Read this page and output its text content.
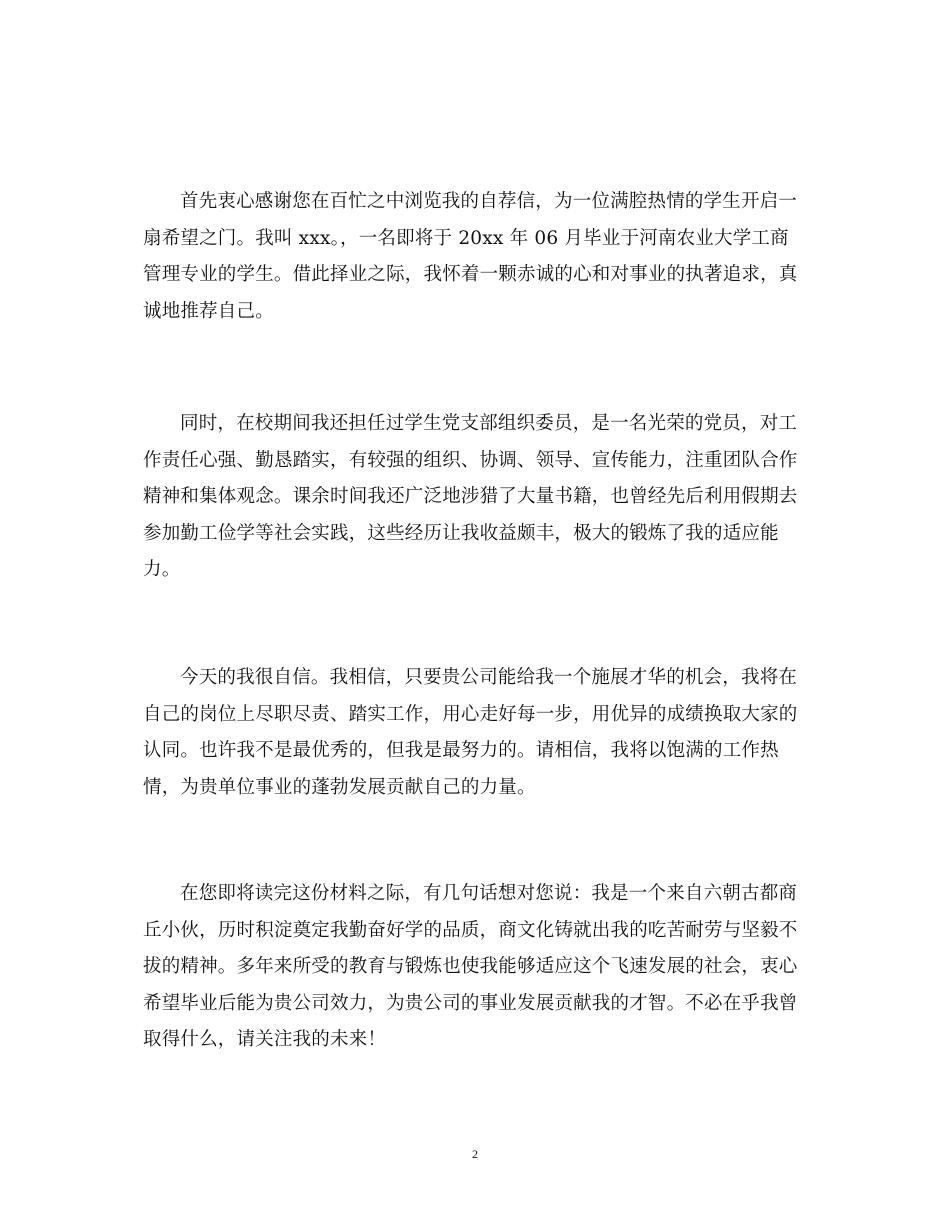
首先衷心感谢您在百忙之中浏览我的自荐信，为一位满腔热情的学生开启一扇希望之门。我叫 xxx。，一名即将于 20xx 年 06 月毕业于河南农业大学工商管理专业的学生。借此择业之际，我怀着一颗赤诚的心和对事业的执著追求，真诚地推荐自己。

同时，在校期间我还担任过学生党支部组织委员，是一名光荣的党员，对工作责任心强、勤恳踏实，有较强的组织、协调、领导、宣传能力，注重团队合作精神和集体观念。课余时间我还广泛地涉猎了大量书籍，也曾经先后利用假期去参加勤工俭学等社会实践，这些经历让我收益颇丰，极大的锻炼了我的适应能力。

今天的我很自信。我相信，只要贵公司能给我一个施展才华的机会，我将在自己的岗位上尽职尽责、踏实工作，用心走好每一步，用优异的成绩换取大家的认同。也许我不是最优秀的，但我是最努力的。请相信，我将以饱满的工作热情，为贵单位事业的蓬勃发展贡献自己的力量。

在您即将读完这份材料之际，有几句话想对您说：我是一个来自六朝古都商丘小伙，历时积淀奠定我勤奋好学的品质，商文化铸就出我的吃苦耐劳与坚毅不拔的精神。多年来所受的教育与锻炼也使我能够适应这个飞速发展的社会，衷心希望毕业后能为贵公司效力，为贵公司的事业发展贡献我的才智。不必在乎我曾取得什么，请关注我的未来！

2
